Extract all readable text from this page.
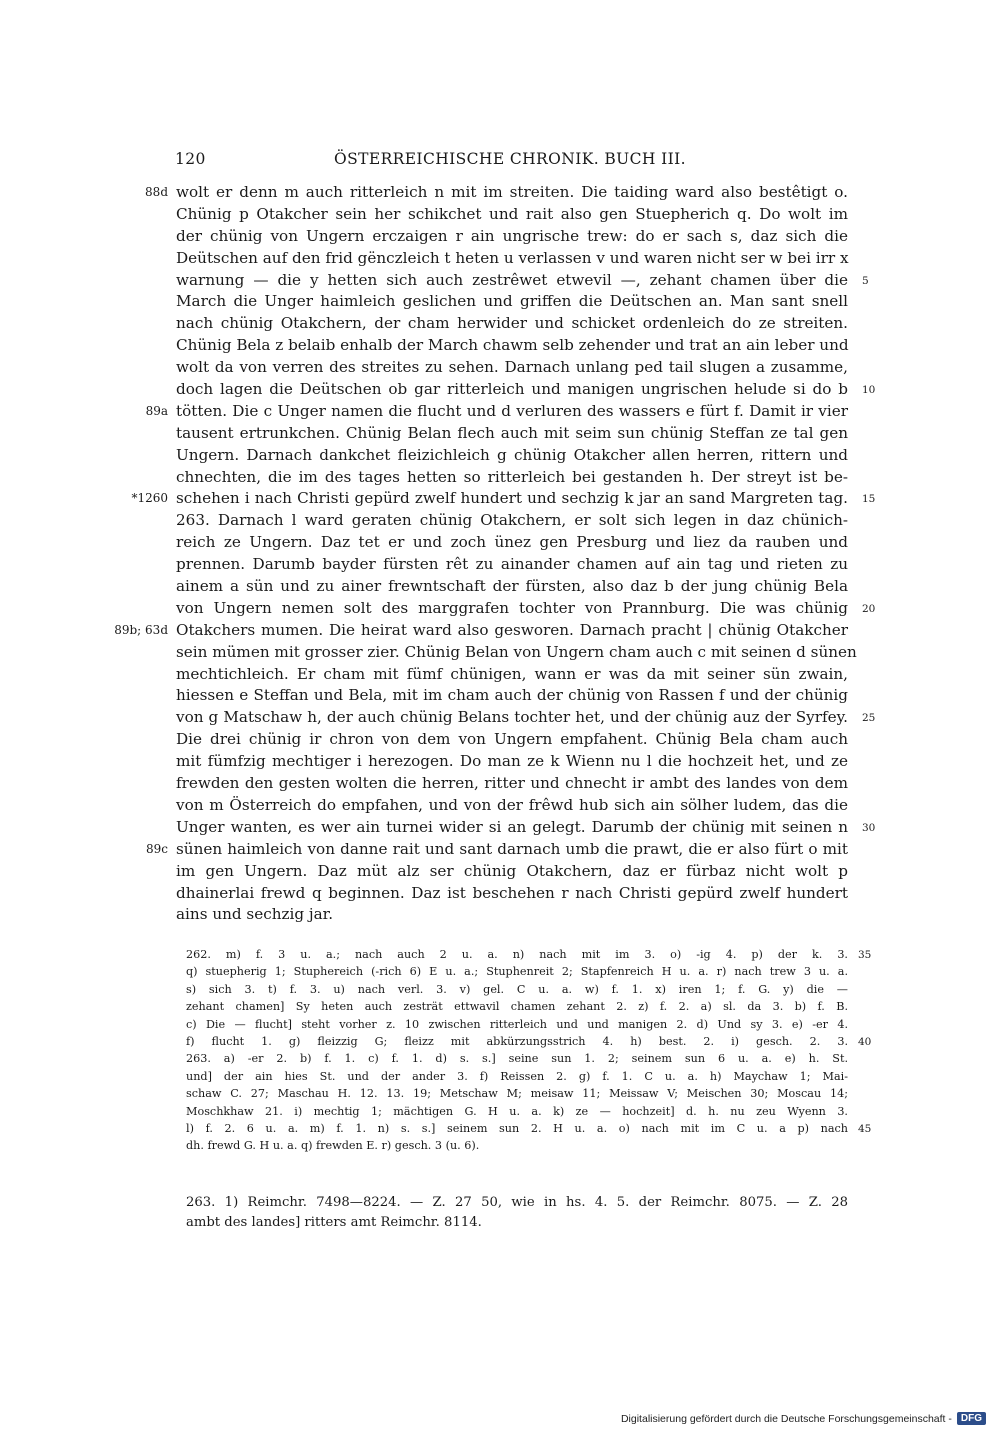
120	ÖSTERREICHISCHE CHRONIK. BUCH III.
88d wolt er denn m auch ritterleich n mit im streiten. Die taiding ward also bestêtigt o.
Chünig p Otakcher sein her schikchet und rait also gen Stuepherich q. Do wolt im
der chünig von Ungern erczaigen r ain ungrische trew: do er sach s, daz sich die
Deütschen auf den frid gënczleich t heten u verlassen v und waren nicht ser w bei irr x
warnung — die y hetten sich auch zestrêwet etwevil —, zehant chamen über die 5
March die Unger haimleich geslichen und griffen die Deütschen an. Man sant snell
nach chünig Otakchern, der cham herwider und schicket ordenleich do ze streiten.
Chünig Bela z belaib enhalb der March chawm selb zehender und trat an ain leber und
wolt da von verren des streites zu sehen. Darnach unlang ped tail slugen a zusamme,
doch lagen die Deütschen ob gar ritterleich und manigen ungrischen helude si do b 10
89a tötten. Die c Unger namen die flucht und d verluren des wassers e fürt f. Damit ir vier
tausent ertrunkchen. Chünig Belan flech auch mit seim sun chünig Steffan ze tal gen
Ungern. Darnach dankchet fleizichleich g chünig Otakcher allen herren, rittern und
chnechten, die im des tages hetten so ritterleich bei gestanden h. Der streyt ist be-
*1260 schehen i nach Christi gepürd zwelf hundert und sechzig k jar an sand Margreten tag. 15
263. Darnach l ward geraten chünig Otakchern, er solt sich legen in daz chünich-
reich ze Ungern. Daz tet er und zoch ünez gen Presburg und liez da rauben und
prennen. Darumb bayder fürsten rêt zu ainander chamen auf ain tag und rieten zu
ainem a sün und zu ainer frewntschaft der fürsten, also daz b der jung chünig Bela
von Ungern nemen solt des marggrafen tochter von Prannburg. Die was chünig 20
89b; 63d Otakchers mumen. Die heirat ward also gesworen. Darnach pracht | chünig Otakcher
sein mümen mit grosser zier. Chünig Belan von Ungern cham auch c mit seinen d sünen
mechtichleich. Er cham mit fümf chünigen, wann er was da mit seiner sün zwain,
hiessen e Steffan und Bela, mit im cham auch der chünig von Rassen f und der chünig
von g Matschaw h, der auch chünig Belans tochter het, und der chünig auz der Syrfey. 25
Die drei chünig ir chron von dem von Ungern empfahent. Chünig Bela cham auch
mit fümfzig mechtiger i herezogen. Do man ze k Wienn nu l die hochzeit het, und ze
frewden den gesten wolten die herren, ritter und chnecht ir ambt des landes von dem
von m Österreich do empfahen, und von der frêwd hub sich ain sölher ludem, das die
Unger wanten, es wer ain turnei wider si an gelegt. Darumb der chünig mit seinen n 30
89c sünen haimleich von danne rait und sant darnach umb die prawt, die er also fürt o mit
im gen Ungern. Daz müt alz ser chünig Otakchern, daz er fürbaz nicht wolt p
dhainerlai frewd q beginnen. Daz ist beschehen r nach Christi gepürd zwelf hundert
ains und sechzig jar.
262. m) f. 3 u. a.; nach auch 2 u. a. n) nach mit im 3. o) -ig 4. p) der k. 3. 35
q) stuepherig 1; Stuphereich (-rich 6) E u. a.; Stuphenreit 2; Stapfenreich H u. a. r) nach trew 3 u. a.
s) sich 3. t) f. 3. u) nach verl. 3. v) gel. C u. a. w) f. 1. x) iren 1; f. G. y) die —
zehant chamen] Sy heten auch zesträt ettwavil chamen zehant 2. z) f. 2. a) sl. da 3. b) f. B.
c) Die — flucht] steht vorher z. 10 zwischen ritterleich und und manigen 2. d) Und sy 3. e) -er 4.
f) flucht 1. g) fleizzig G; fleizz mit abkürzungsstrich 4. h) best. 2. i) gesch. 2. 3. 40
263. a) -er 2. b) f. 1. c) f. 1. d) s. s.] seine sun 1. 2; seinem sun 6 u. a. e) h. St.
und] der ain hies St. und der ander 3. f) Reissen 2. g) f. 1. C u. a. h) Maychaw 1; Mai-
schaw C. 27; Maschau H. 12. 13. 19; Metschaw M; meisaw 11; Meissaw V; Meischen 30; Moscau 14;
Moschkhaw 21. i) mechtig 1; mächtigen G. H u. a. k) ze — hochzeit] d. h. nu zeu Wyenn 3.
l) f. 2. 6 u. a. m) f. 1. n) s. s.] seinem sun 2. H u. a. o) nach mit im C u. a p) nach 45
dh. frewd G. H u. a. q) frewden E. r) gesch. 3 (u. 6).
263. 1) Reimchr. 7498—8224. — Z. 27 50, wie in hs. 4. 5. der Reimchr. 8075. — Z. 28
ambt des landes] ritters amt Reimchr. 8114.
Digitalisierung gefördert durch die Deutsche Forschungsgemeinschaft - DFG
